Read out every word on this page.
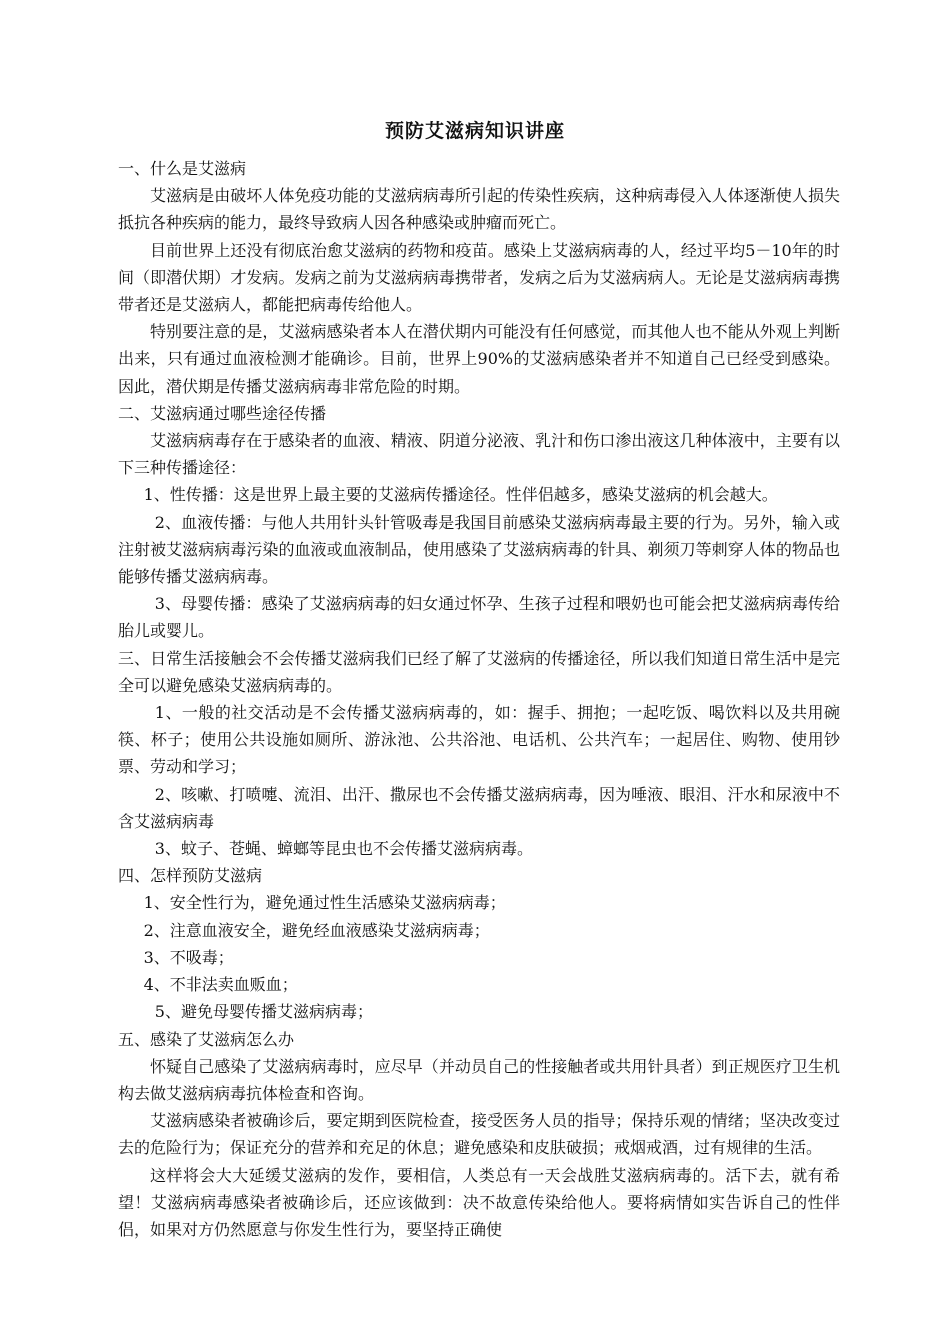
预防艾滋病知识讲座

一、什么是艾滋病

艾滋病是由破坏人体免疫功能的艾滋病病毒所引起的传染性疾病，这种病毒侵入人体逐渐使人损失抵抗各种疾病的能力，最终导致病人因各种感染或肿瘤而死亡。

目前世界上还没有彻底治愈艾滋病的药物和疫苗。感染上艾滋病病毒的人，经过平均5－10年的时间（即潜伏期）才发病。发病之前为艾滋病病毒携带者，发病之后为艾滋病病人。无论是艾滋病病毒携带者还是艾滋病人，都能把病毒传给他人。

特别要注意的是，艾滋病感染者本人在潜伏期内可能没有任何感觉，而其他人也不能从外观上判断出来，只有通过血液检测才能确诊。目前，世界上90%的艾滋病感染者并不知道自己已经受到感染。因此，潜伏期是传播艾滋病病毒非常危险的时期。

二、艾滋病通过哪些途径传播

艾滋病病毒存在于感染者的血液、精液、阴道分泌液、乳汁和伤口渗出液这几种体液中，主要有以下三种传播途径：

1、性传播：这是世界上最主要的艾滋病传播途径。性伴侣越多，感染艾滋病的机会越大。

2、血液传播：与他人共用针头针管吸毒是我国目前感染艾滋病病毒最主要的行为。另外，输入或注射被艾滋病病毒污染的血液或血液制品，使用感染了艾滋病病毒的针具、剃须刀等刺穿人体的物品也能够传播艾滋病病毒。

3、母婴传播：感染了艾滋病病毒的妇女通过怀孕、生孩子过程和喂奶也可能会把艾滋病病毒传给胎儿或婴儿。

三、日常生活接触会不会传播艾滋病我们已经了解了艾滋病的传播途径，所以我们知道日常生活中是完全可以避免感染艾滋病病毒的。

1、一般的社交活动是不会传播艾滋病病毒的，如：握手、拥抱；一起吃饭、喝饮料以及共用碗筷、杯子；使用公共设施如厕所、游泳池、公共浴池、电话机、公共汽车；一起居住、购物、使用钞票、劳动和学习；

2、咳嗽、打喷嚏、流泪、出汗、撒尿也不会传播艾滋病病毒，因为唾液、眼泪、汗水和尿液中不含艾滋病病毒

3、蚊子、苍蝇、蟑螂等昆虫也不会传播艾滋病病毒。

四、怎样预防艾滋病

1、安全性行为，避免通过性生活感染艾滋病病毒；

2、注意血液安全，避免经血液感染艾滋病病毒；

3、不吸毒；

4、不非法卖血贩血；

5、避免母婴传播艾滋病病毒；

五、感染了艾滋病怎么办

怀疑自己感染了艾滋病病毒时，应尽早（并动员自己的性接触者或共用针具者）到正规医疗卫生机构去做艾滋病病毒抗体检查和咨询。

艾滋病感染者被确诊后，要定期到医院检查，接受医务人员的指导；保持乐观的情绪；坚决改变过去的危险行为；保证充分的营养和充足的休息；避免感染和皮肤破损；戒烟戒酒，过有规律的生活。

这样将会大大延缓艾滋病的发作，要相信，人类总有一天会战胜艾滋病病毒的。活下去，就有希望！艾滋病病毒感染者被确诊后，还应该做到：决不故意传染给他人。要将病情如实告诉自己的性伴侣，如果对方仍然愿意与你发生性行为，要坚持正确使
